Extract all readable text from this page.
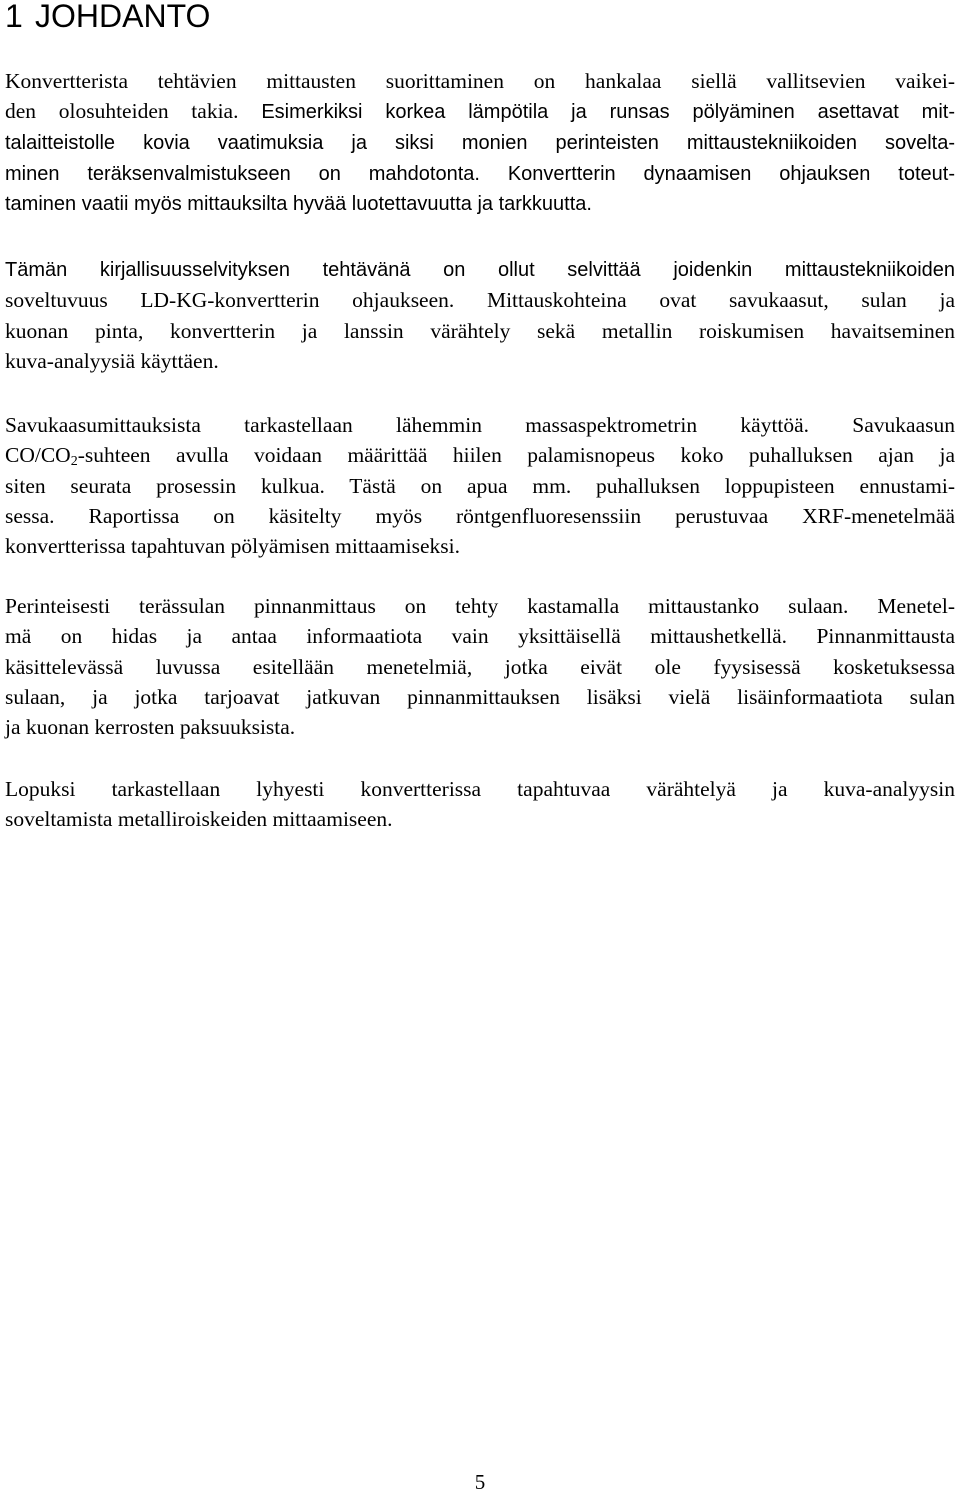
1 JOHDANTO

Konvertterista tehtävien mittausten suorittaminen on hankalaa siellä vallitsevien vaikei-
den olosuhteiden takia. Esimerkiksi korkea lämpötila ja runsas pölyäminen asettavat mit-
talaitteistolle kovia vaatimuksia ja siksi monien perinteisten mittaustekniikoiden sovelta-
minen teräksenvalmistukseen on mahdotonta. Konvertterin dynaamisen ohjauksen toteut-
taminen vaatii myös mittauksilta hyvää luotettavuutta ja tarkkuutta.

Tämän kirjallisuusselvityksen tehtävänä on ollut selvittää joidenkin mittaustekniikoiden
soveltuvuus LD-KG-konvertterin ohjaukseen. Mittauskohteina ovat savukaasut, sulan ja
kuonan pinta, konvertterin ja lanssin värähtely sekä metallin roiskumisen havaitseminen
kuva-analyysiä käyttäen.

Savukaasumittauksista tarkastellaan lähemmin massaspektrometrin käyttöä. Savukaasun
$CO/CO_2$-suhteen avulla voidaan määrittää hiilen palamisnopeus koko puhalluksen ajan ja
siten seurata prosessin kulkua. Tästä on apua mm. puhalluksen loppupisteen ennustami-
sessa. Raportissa on käsitelty myös röntgenfluoresenssiin perustuvaa XRF-menetelmää
konvertterissa tapahtuvan pölyämisen mittaamiseksi.

Perinteisesti terässulan pinnanmittaus on tehty kastamalla mittaustanko sulaan. Menetel-
mä on hidas ja antaa informaatiota vain yksittäisellä mittaushetkellä. Pinnanmittausta
käsittelevässä luvussa esitellään menetelmiä, jotka eivät ole fyysisessä kosketuksessa
sulaan, ja jotka tarjoavat jatkuvan pinnanmittauksen lisäksi vielä lisäinformaatiota sulan
ja kuonan kerrosten paksuuksista.

Lopuksi tarkastellaan lyhyesti konvertterissa tapahtuvaa värähtelyä ja kuva-analyysin
soveltamista metalliroiskeiden mittaamiseen.

5
